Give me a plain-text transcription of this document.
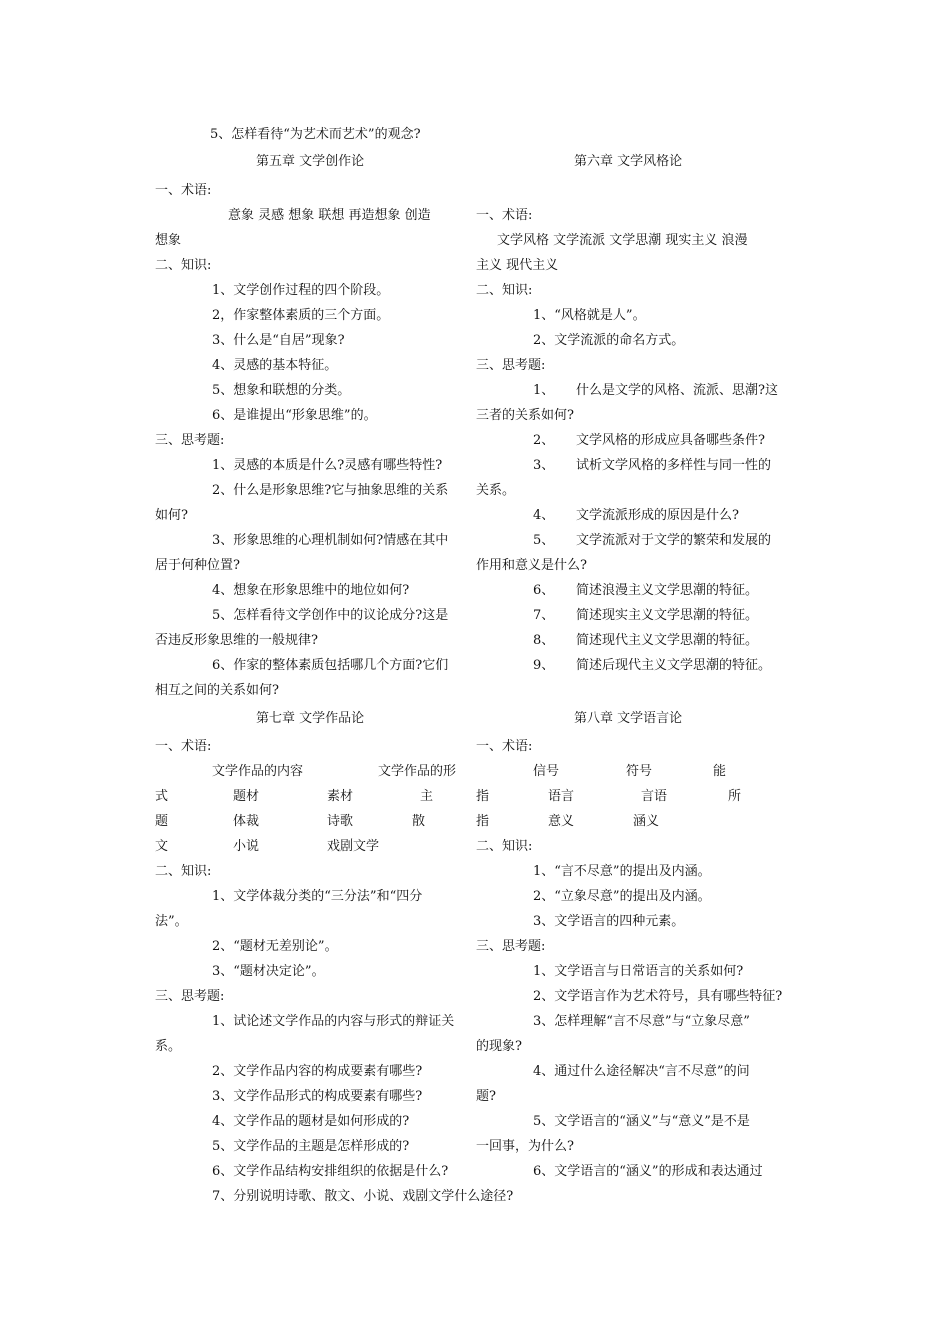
5、怎样看待“为艺术而艺术”的观念?
第五章 文学创作论
一、术语:
意象 灵感 想象 联想 再造想象 创造
想象
二、知识:
1、文学创作过程的四个阶段。
2，作家整体素质的三个方面。
3、什么是“自居”现象?
4、灵感的基本特征。
5、想象和联想的分类。
6、是谁提出“形象思维”的。
三、思考题:
1、灵感的本质是什么?灵感有哪些特性?
2、什么是形象思维?它与抽象思维的关系
如何?
3、形象思维的心理机制如何?情感在其中
居于何种位置?
4、想象在形象思维中的地位如何?
5、怎样看待文学创作中的议论成分?这是
否违反形象思维的一般规律?
6、作家的整体素质包括哪几个方面?它们
相互之间的关系如何?
第六章 文学风格论
一、术语:
文学风格 文学流派 文学思潮 现实主义 浪漫
主义 现代主义
二、知识:
1、“风格就是人”。
2、文学流派的命名方式。
三、思考题:
1、 什么是文学的风格、流派、思潮?这
三者的关系如何?
2、 文学风格的形成应具备哪些条件?
3、 试析文学风格的多样性与同一性的
关系。
4、 文学流派形成的原因是什么?
5、 文学流派对于文学的繁荣和发展的
作用和意义是什么?
6、 简述浪漫主义文学思潮的特征。
7、 简述现实主义文学思潮的特征。
8、 简述现代主义文学思潮的特征。
9、 简述后现代主义文学思潮的特征。
第七章 文学作品论
一、术语:
文学作品的内容	文学作品的形
式	题材	素材	主
题	体裁	诗歌	散
文	小说	戏剧文学
二、知识:
1、文学体裁分类的“三分法”和“四分
法”。
2、“题材无差别论”。
3、“题材决定论”。
三、思考题:
1、试论述文学作品的内容与形式的辩证关
系。
2、文学作品内容的构成要素有哪些?
3、文学作品形式的构成要素有哪些?
4、文学作品的题材是如何形成的?
5、文学作品的主题是怎样形成的?
6、文学作品结构安排组织的依据是什么?
7、分别说明诗歌、散文、小说、戏剧文学什么途径?
第八章 文学语言论
一、术语:
信号	符号	能
指	语言	言语	所
指	意义	涵义
二、知识:
1、“言不尽意”的提出及内涵。
2、“立象尽意”的提出及内涵。
3、文学语言的四种元素。
三、思考题:
1、文学语言与日常语言的关系如何?
2、文学语言作为艺术符号，具有哪些特征?
3、怎样理解“言不尽意”与“立象尽意”
的现象?
4、通过什么途径解决“言不尽意”的问
题?
5、文学语言的“涵义”与“意义”是不是
一回事，为什么?
6、文学语言的“涵义”的形成和表达通过
